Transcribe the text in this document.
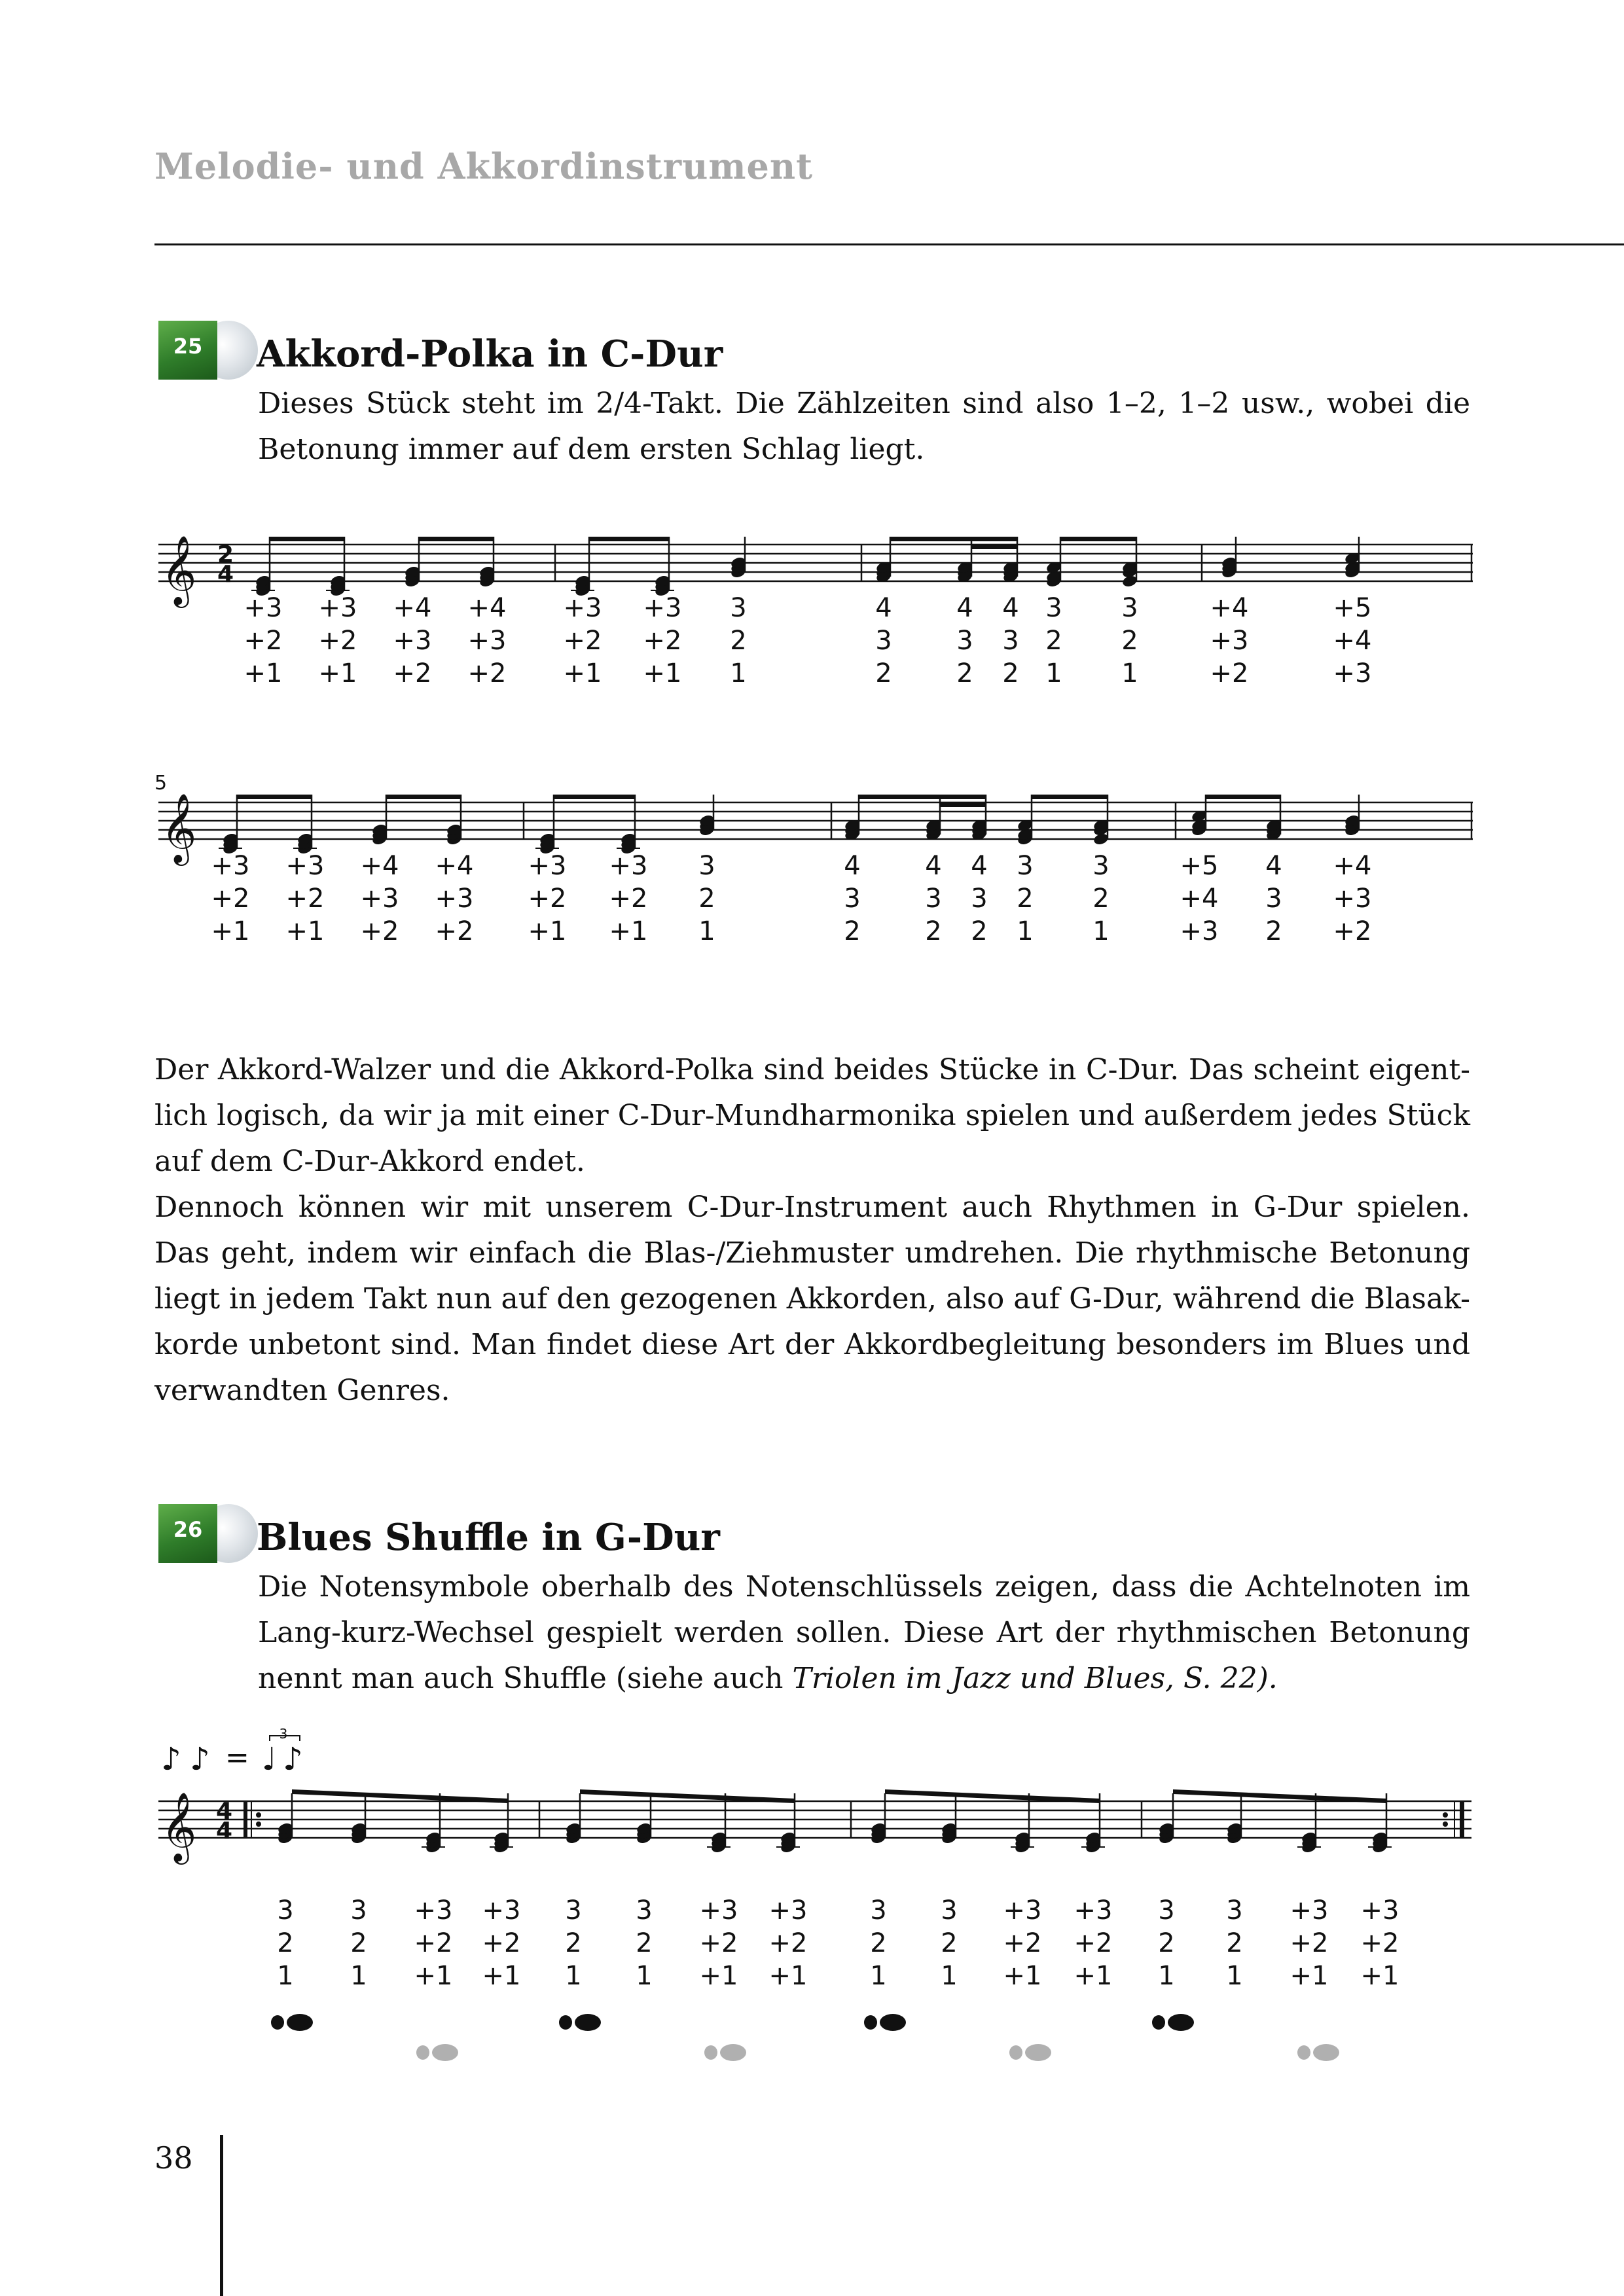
Melodie- und Akkordinstrument
25	Akkord-Polka in C-Dur
Dieses Stück steht im 2/4-Takt. Die Zählzeiten sind also 1–2, 1–2 usw., wobei die
Betonung immer auf dem ersten Schlag liegt.
Der Akkord-Walzer und die Akkord-Polka sind beides Stücke in C-Dur. Das scheint eigent-
lich logisch, da wir ja mit einer C-Dur-Mundharmonika spielen und außerdem jedes Stück
auf dem C-Dur-Akkord endet.
Dennoch können wir mit unserem C-Dur-Instrument auch Rhythmen in G-Dur spielen.
Das geht, indem wir einfach die Blas-/Ziehmuster umdrehen. Die rhythmische Betonung
liegt in jedem Takt nun auf den gezogenen Akkorden, also auf G-Dur, während die Blasak-
korde unbetont sind. Man findet diese Art der Akkordbegleitung besonders im Blues und
verwandten Genres.
26	Blues Shuffle in G-Dur
Die Notensymbole oberhalb des Notenschlüssels zeigen, dass die Achtelnoten im
Lang-kurz-Wechsel gespielt werden sollen. Diese Art der rhythmischen Betonung
nennt man auch Shuffle (siehe auch Triolen im Jazz und Blues, S. 22).
𝄞 2
4
+3
+2
+1
+3
+2
+1
+4
+3
+2
+4
+3
+2
+3
+2
+1
+3
+2
+1
3
2
1
4
3
2
4
3
2
4
3
2
3
2
1
3
2
1
+4
+3
+2
+5
+4
+3
𝄞
5
+3
+2
+1
+3
+2
+1
+4
+3
+2
+4
+3
+2
+3
+2
+1
+3
+2
+1
3
2
1
4
3
2
4
3
2
4
3
2
3
2
1
3
2
1
+5
+4
+3
4
3
2
+4
+3
+2
𝄞 4
4
3
2
1
3
2
1
+3
+2
+1
+3
+2
+1
3
2
1
3
2
1
+3
+2
+1
+3
+2
+1
3
2
1
3
2
1
+3
+2
+1
+3
+2
+1
3
2
1
3
2
1
+3
+2
+1
+3
+2
+1
♪ ♪ = ♩ ♪
3
38
